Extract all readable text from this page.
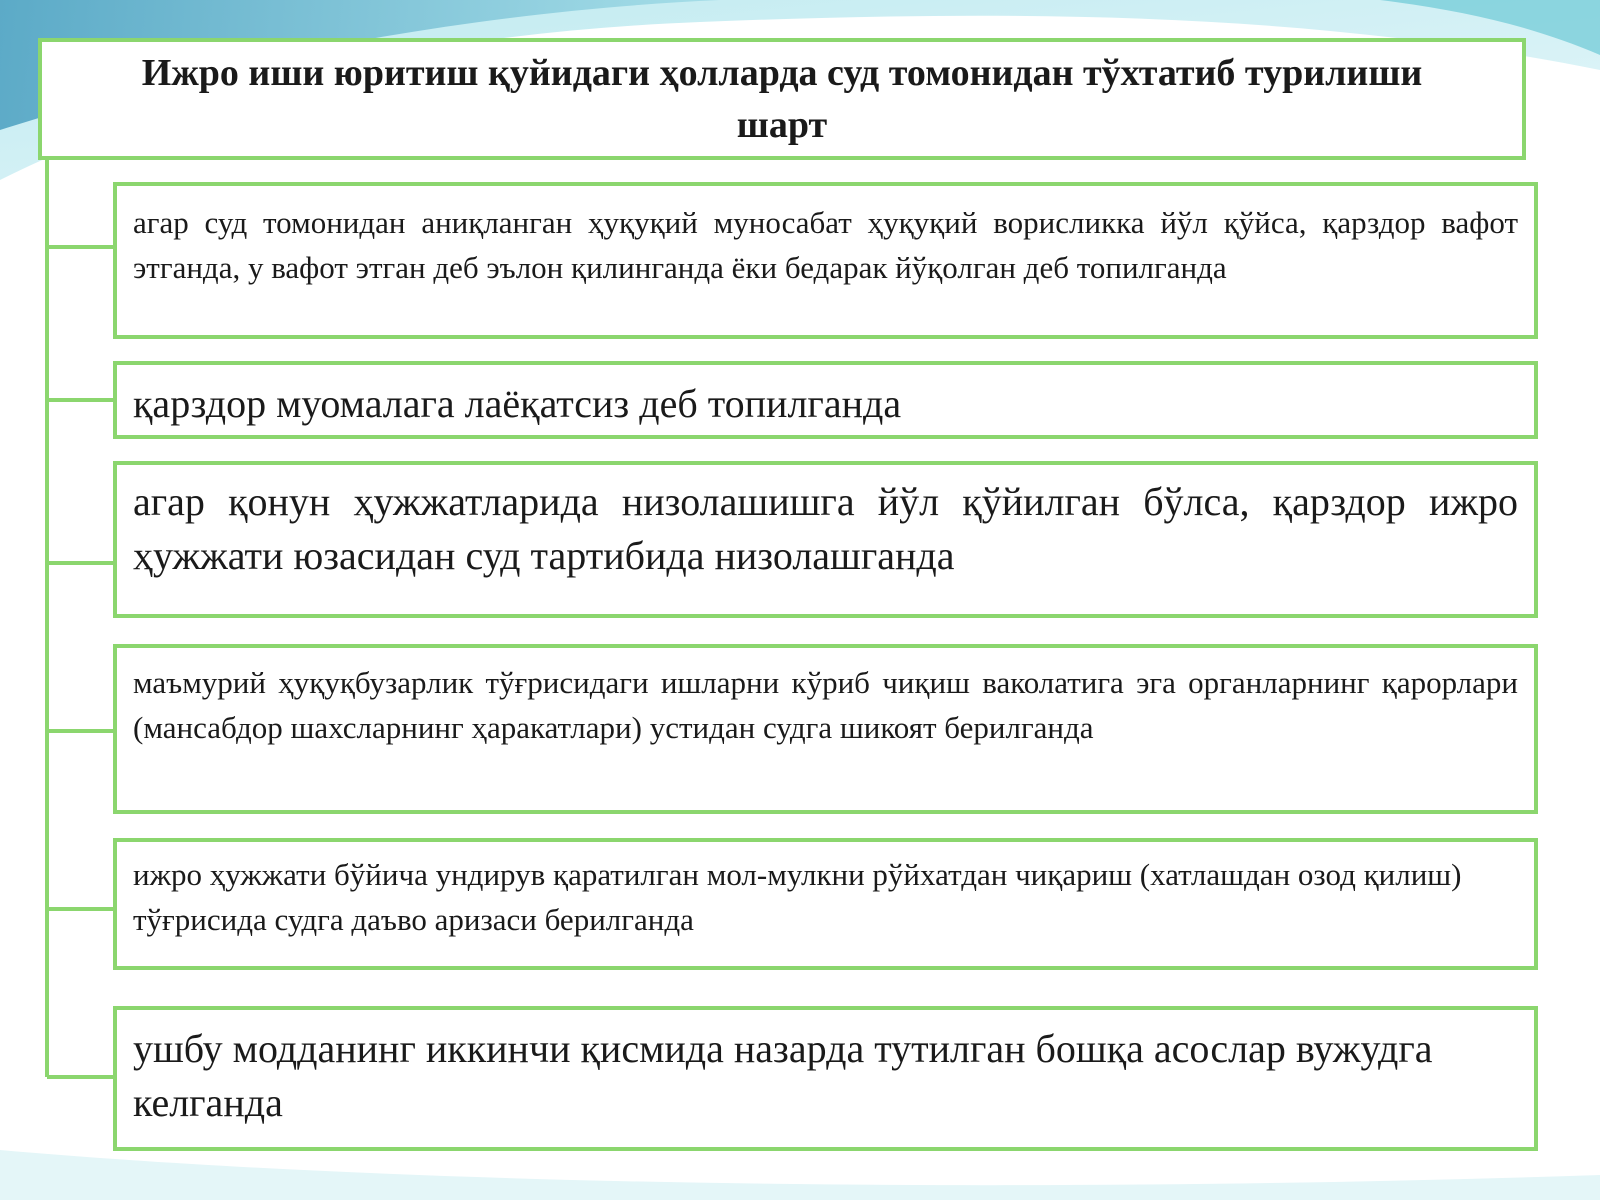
Ижро иши юритиш қуйидаги ҳолларда суд томонидан тўхтатиб турилиши шарт
агар суд томонидан аниқланган ҳуқуқий муносабат ҳуқуқий ворисликка йўл қўйса, қарздор вафот этганда, у вафот этган деб эълон қилинганда ёки бедарак йўқолган деб топилганда
қарздор муомалага лаёқатсиз деб топилганда
агар қонун ҳужжатларида низолашишга йўл қўйилган бўлса, қарздор ижро ҳужжати юзасидан суд тартибида низолашганда
маъмурий ҳуқуқбузарлик тўғрисидаги ишларни кўриб чиқиш ваколатига эга органларнинг қарорлари (мансабдор шахсларнинг ҳаракатлари) устидан судга шикоят берилганда
ижро ҳужжати бўйича ундирув қаратилган мол-мулкни рўйхатдан чиқариш (хатлашдан озод қилиш) тўғрисида судга даъво аризаси берилганда
ушбу модданинг иккинчи қисмида назарда тутилган бошқа асослар вужудга келганда
